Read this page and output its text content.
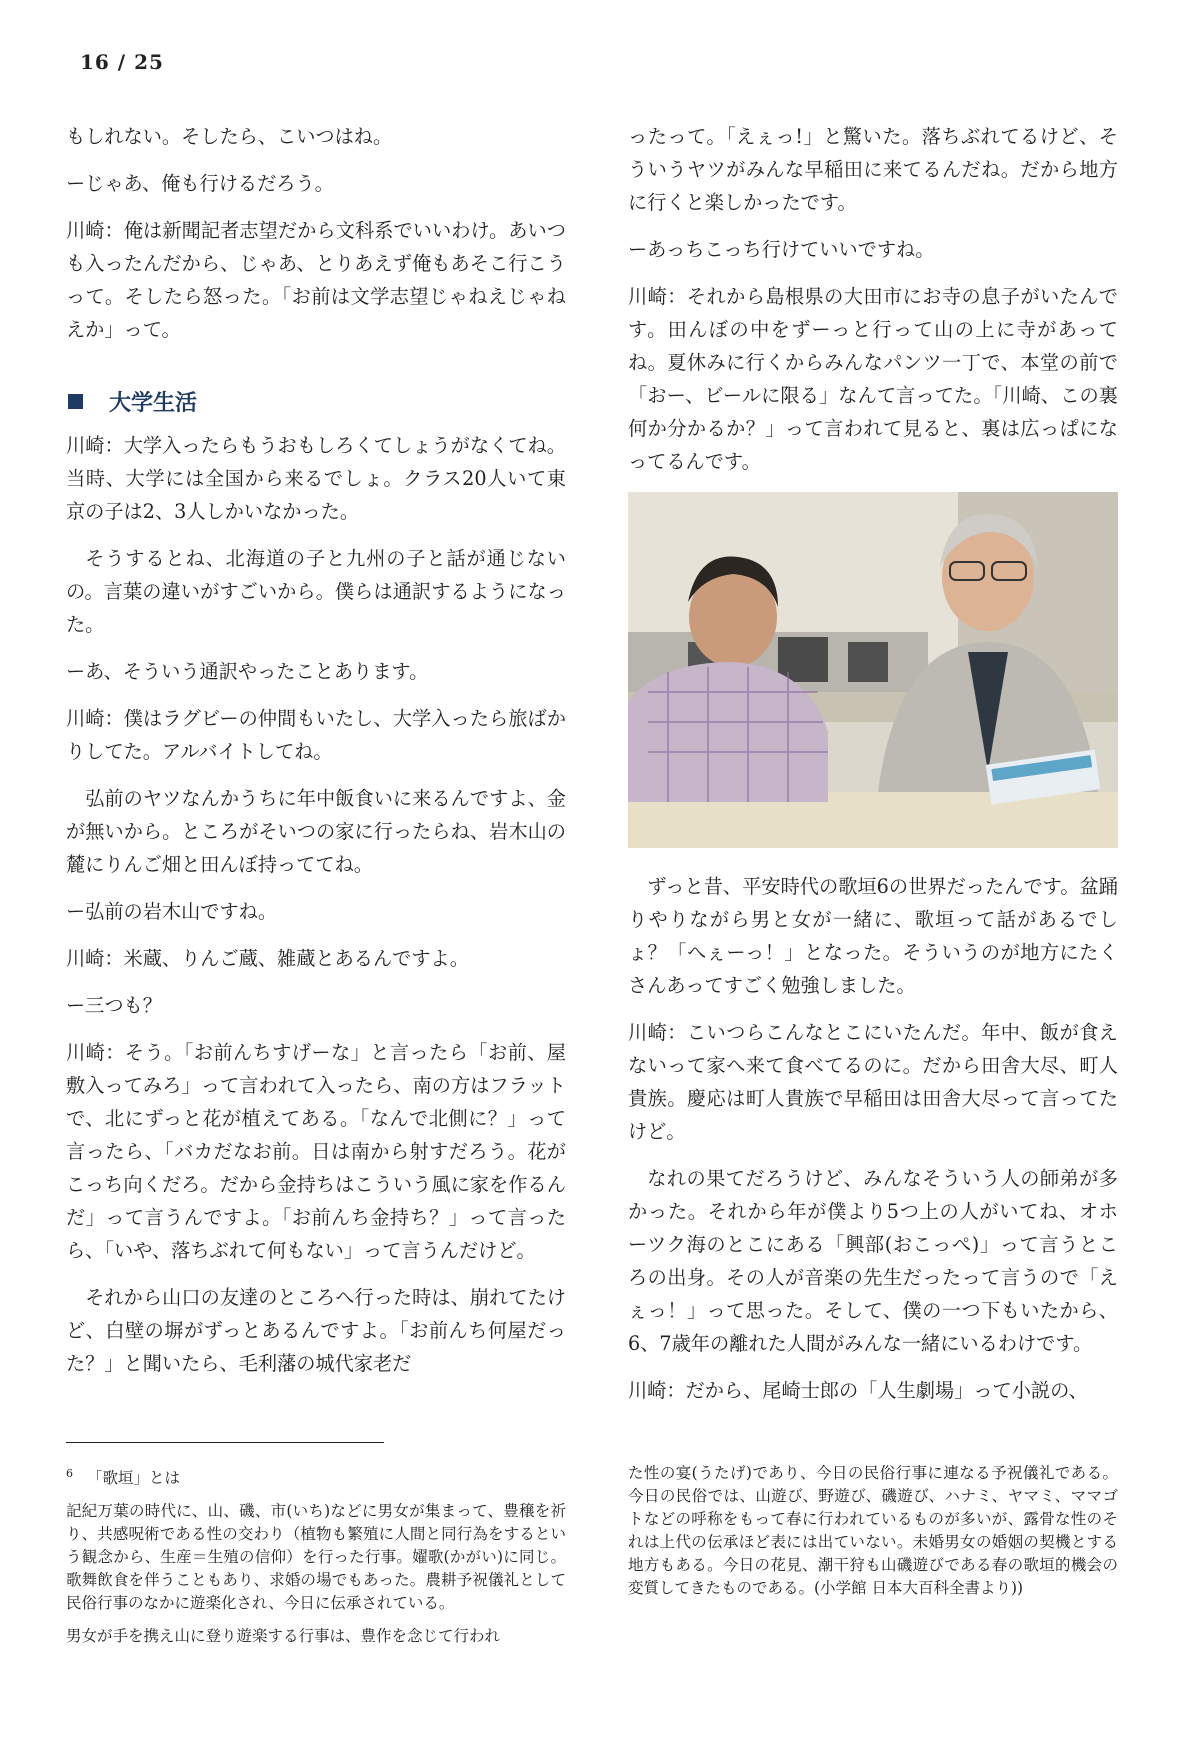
16 / 25

もしれない。そしたら、こいつはね。

ーじゃあ、俺も行けるだろう。

川崎：俺は新聞記者志望だから文科系でいいわけ。あいつも入ったんだから、じゃあ、とりあえず俺もあそこ行こうって。そしたら怒った。「お前は文学志望じゃねえじゃねえか」って。

大学生活

川崎：大学入ったらもうおもしろくてしょうがなくてね。当時、大学には全国から来るでしょ。クラス20人いて東京の子は2、3人しかいなかった。

そうするとね、北海道の子と九州の子と話が通じないの。言葉の違いがすごいから。僕らは通訳するようになった。

ーあ、そういう通訳やったことあります。

川崎：僕はラグビーの仲間もいたし、大学入ったら旅ばかりしてた。アルバイトしてね。

弘前のヤツなんかうちに年中飯食いに来るんですよ、金が無いから。ところがそいつの家に行ったらね、岩木山の麓にりんご畑と田んぼ持っててね。

ー弘前の岩木山ですね。

川崎：米蔵、りんご蔵、雑蔵とあるんですよ。

ー三つも？

川崎：そう。「お前んちすげーな」と言ったら「お前、屋敷入ってみろ」って言われて入ったら、南の方はフラットで、北にずっと花が植えてある。「なんで北側に？」って言ったら、「バカだなお前。日は南から射すだろう。花がこっち向くだろ。だから金持ちはこういう風に家を作るんだ」って言うんですよ。「お前んち金持ち？」って言ったら、「いや、落ちぶれて何もない」って言うんだけど。

それから山口の友達のところへ行った時は、崩れてたけど、白壁の塀がずっとあるんですよ。「お前んち何屋だった？」と聞いたら、毛利藩の城代家老だ

ったって。「えぇっ!」と驚いた。落ちぶれてるけど、そういうヤツがみんな早稲田に来てるんだね。だから地方に行くと楽しかったです。

ーあっちこっち行けていいですね。

川崎：それから島根県の大田市にお寺の息子がいたんです。田んぼの中をずーっと行って山の上に寺があってね。夏休みに行くからみんなパンツ一丁で、本堂の前で「おー、ビールに限る」なんて言ってた。「川崎、この裏何か分かるか？」って言われて見ると、裏は広っぱになってるんです。

ずっと昔、平安時代の歌垣6の世界だったんです。盆踊りやりながら男と女が一緒に、歌垣って話があるでしょ？「へぇーっ！」となった。そういうのが地方にたくさんあってすごく勉強しました。

川崎：こいつらこんなとこにいたんだ。年中、飯が食えないって家へ来て食べてるのに。だから田舎大尽、町人貴族。慶応は町人貴族で早稲田は田舎大尽って言ってたけど。

なれの果てだろうけど、みんなそういう人の師弟が多かった。それから年が僕より5つ上の人がいてね、オホーツク海のとこにある「興部(おこっぺ)」って言うところの出身。その人が音楽の先生だったって言うので「えぇっ！」って思った。そして、僕の一つ下もいたから、6、7歳年の離れた人間がみんな一緒にいるわけです。

川崎：だから、尾崎士郎の「人生劇場」って小説の、

$^6$ 「歌垣」とは

記紀万葉の時代に、山、磯、市(いち)などに男女が集まって、豊穣を祈り、共感呪術である性の交わり（植物も繁殖に人間と同行為をするという観念から、生産＝生殖の信仰）を行った行事。嬥歌(かがい)に同じ。歌舞飲食を伴うこともあり、求婚の場でもあった。農耕予祝儀礼として民俗行事のなかに遊楽化され、今日に伝承されている。

男女が手を携え山に登り遊楽する行事は、豊作を念じて行われ

た性の宴(うたげ)であり、今日の民俗行事に連なる予祝儀礼である。今日の民俗では、山遊び、野遊び、磯遊び、ハナミ、ヤマミ、ママゴトなどの呼称をもって春に行われているものが多いが、露骨な性のそれは上代の伝承ほど表には出ていない。未婚男女の婚姻の契機とする地方もある。今日の花見、潮干狩も山磯遊びである春の歌垣的機会の変質してきたものである。(小学館 日本大百科全書より))
